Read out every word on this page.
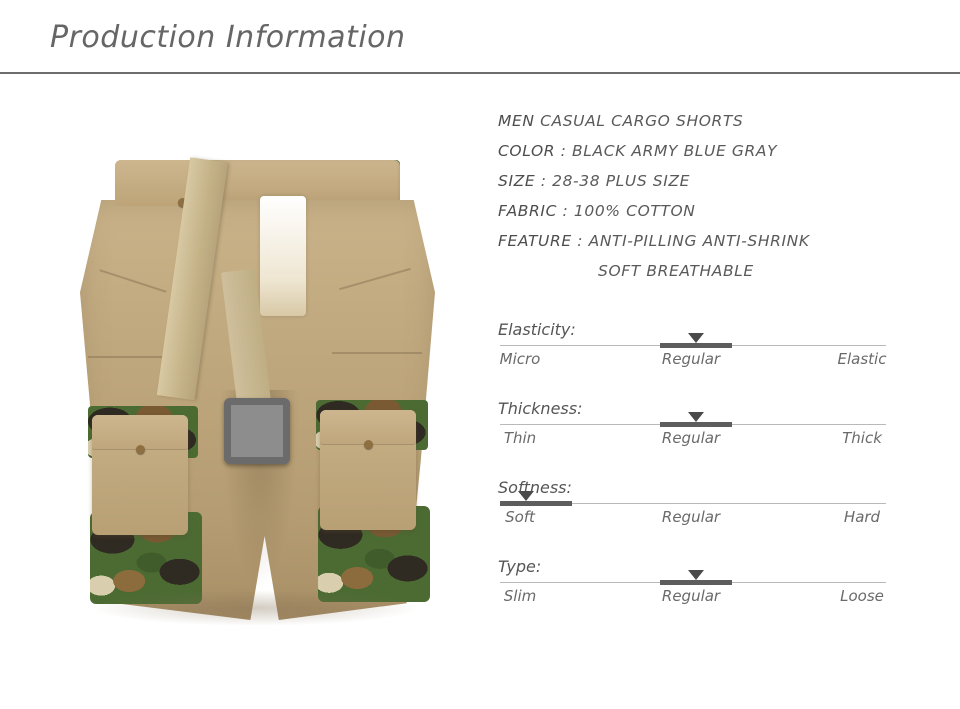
Production Information
MEN CASUAL CARGO SHORTS
COLOR : BLACK ARMY BLUE GRAY
SIZE : 28-38 PLUS SIZE
FABRIC : 100% COTTON
FEATURE : ANTI-PILLING ANTI-SHRINK
SOFT BREATHABLE
Elasticity:
Micro	Regular	Elastic
Thickness:
Thin	Regular	Thick
Softness:
Soft	Regular	Hard
Type:
Slim	Regular	Loose
